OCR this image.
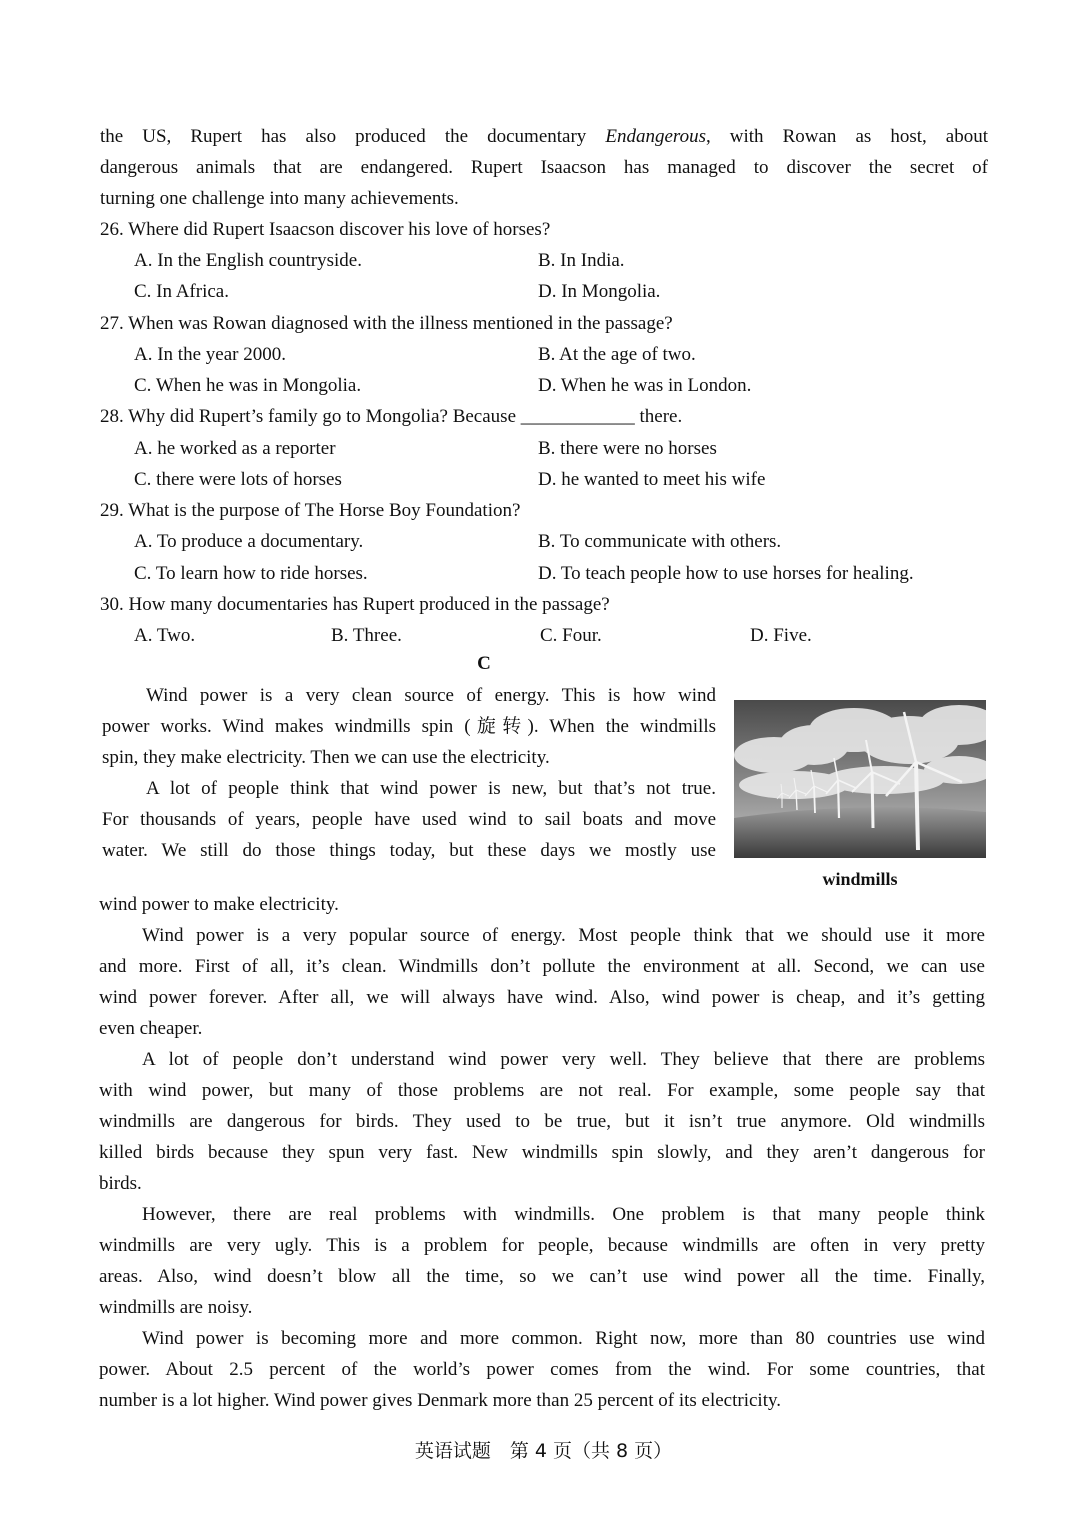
the US, Rupert has also produced the documentary Endangerous, with Rowan as host, about
dangerous animals that are endangered. Rupert Isaacson has managed to discover the secret of
turning one challenge into many achievements.
26. Where did Rupert Isaacson discover his love of horses?
A. In the English countryside.	B. In India.
C. In Africa.	D. In Mongolia.
27. When was Rowan diagnosed with the illness mentioned in the passage?
A. In the year 2000.	B. At the age of two.
C. When he was in Mongolia.	D. When he was in London.
28. Why did Rupert’s family go to Mongolia? Because ____________ there.
A. he worked as a reporter	B. there were no horses
C. there were lots of horses	D. he wanted to meet his wife
29. What is the purpose of The Horse Boy Foundation?
A. To produce a documentary.	B. To communicate with others.
C. To learn how to ride horses.	D. To teach people how to use horses for healing.
30. How many documentaries has Rupert produced in the passage?
A. Two.	B. Three.	C. Four.	D. Five.
C
Wind power is a very clean source of energy. This is how wind
power works. Wind makes windmills spin (旋转). When the windmills
spin, they make electricity. Then we can use the electricity.
A lot of people think that wind power is new, but that’s not true.
For thousands of years, people have used wind to sail boats and move
water. We still do those things today, but these days we mostly use
windmills
wind power to make electricity.
Wind power is a very popular source of energy. Most people think that we should use it more
and more. First of all, it’s clean. Windmills don’t pollute the environment at all. Second, we can use
wind power forever. After all, we will always have wind. Also, wind power is cheap, and it’s getting
even cheaper.
A lot of people don’t understand wind power very well. They believe that there are problems
with wind power, but many of those problems are not real. For example, some people say that
windmills are dangerous for birds. They used to be true, but it isn’t true anymore. Old windmills
killed birds because they spun very fast. New windmills spin slowly, and they aren’t dangerous for
birds.
However, there are real problems with windmills. One problem is that many people think
windmills are very ugly. This is a problem for people, because windmills are often in very pretty
areas. Also, wind doesn’t blow all the time, so we can’t use wind power all the time. Finally,
windmills are noisy.
Wind power is becoming more and more common. Right now, more than 80 countries use wind
power. About 2.5 percent of the world’s power comes from the wind. For some countries, that
number is a lot higher. Wind power gives Denmark more than 25 percent of its electricity.
英语试题　第 4 页（共 8 页）
